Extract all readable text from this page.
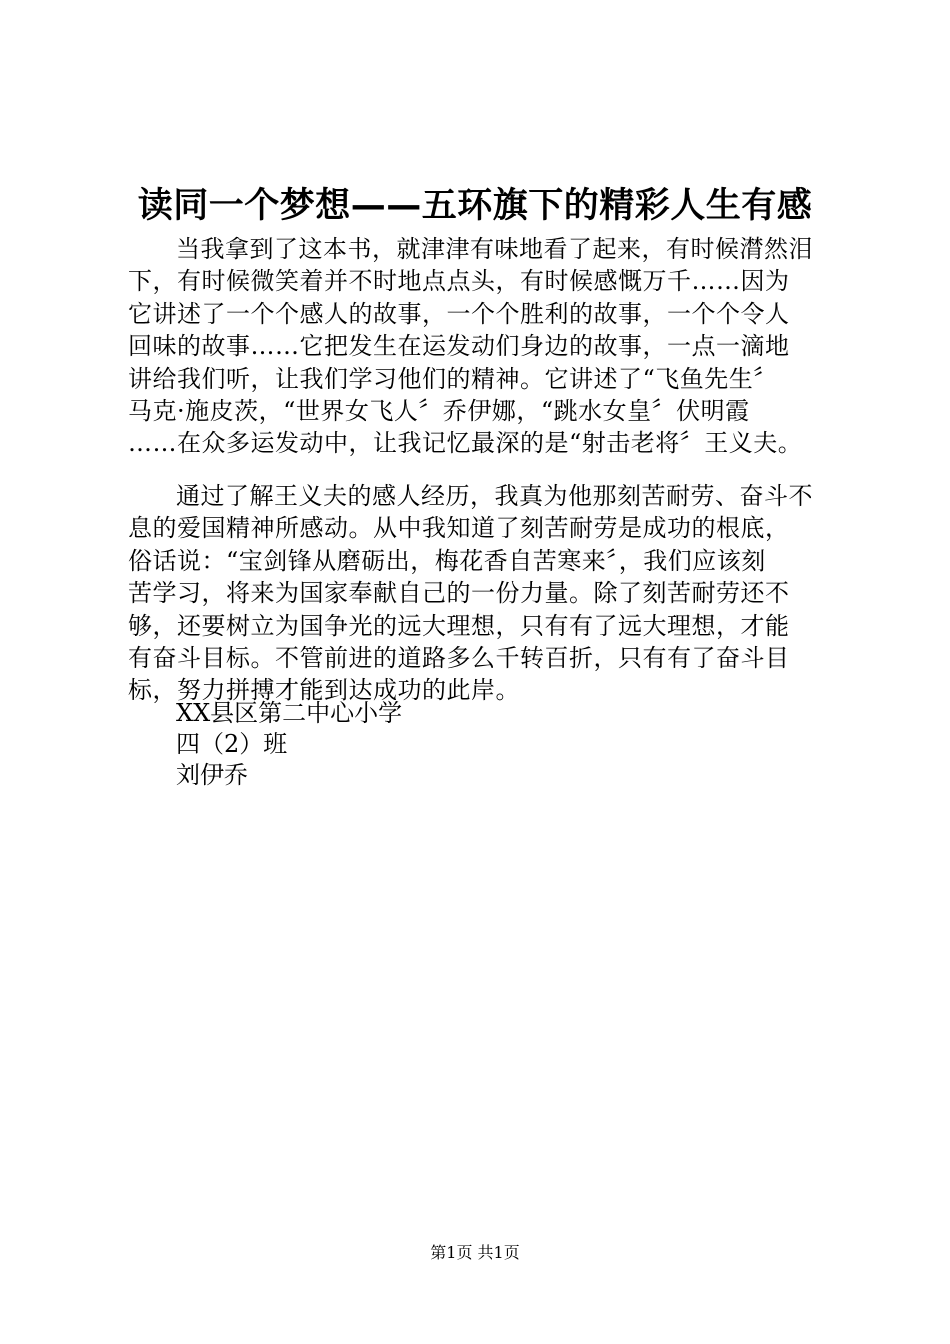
读同一个梦想——五环旗下的精彩人生有感
当我拿到了这本书，就津津有味地看了起来，有时候潸然泪
下，有时候微笑着并不时地点点头，有时候感慨万千……因为
它讲述了一个个感人的故事，一个个胜利的故事，一个个令人
回味的故事……它把发生在运发动们身边的故事，一点一滴地
讲给我们听，让我们学习他们的精神。它讲述了“飞鱼先生〞
马克·施皮茨，“世界女飞人〞乔伊娜，“跳水女皇〞伏明霞
……在众多运发动中，让我记忆最深的是“射击老将〞王义夫。
通过了解王义夫的感人经历，我真为他那刻苦耐劳、奋斗不
息的爱国精神所感动。从中我知道了刻苦耐劳是成功的根底，
俗话说：“宝剑锋从磨砺出，梅花香自苦寒来〞，我们应该刻
苦学习，将来为国家奉献自己的一份力量。除了刻苦耐劳还不
够，还要树立为国争光的远大理想，只有有了远大理想，才能
有奋斗目标。不管前进的道路多么千转百折，只有有了奋斗目
标，努力拼搏才能到达成功的此岸。
XX县区第二中心小学
四（2）班
刘伊乔
第1页 共1页
